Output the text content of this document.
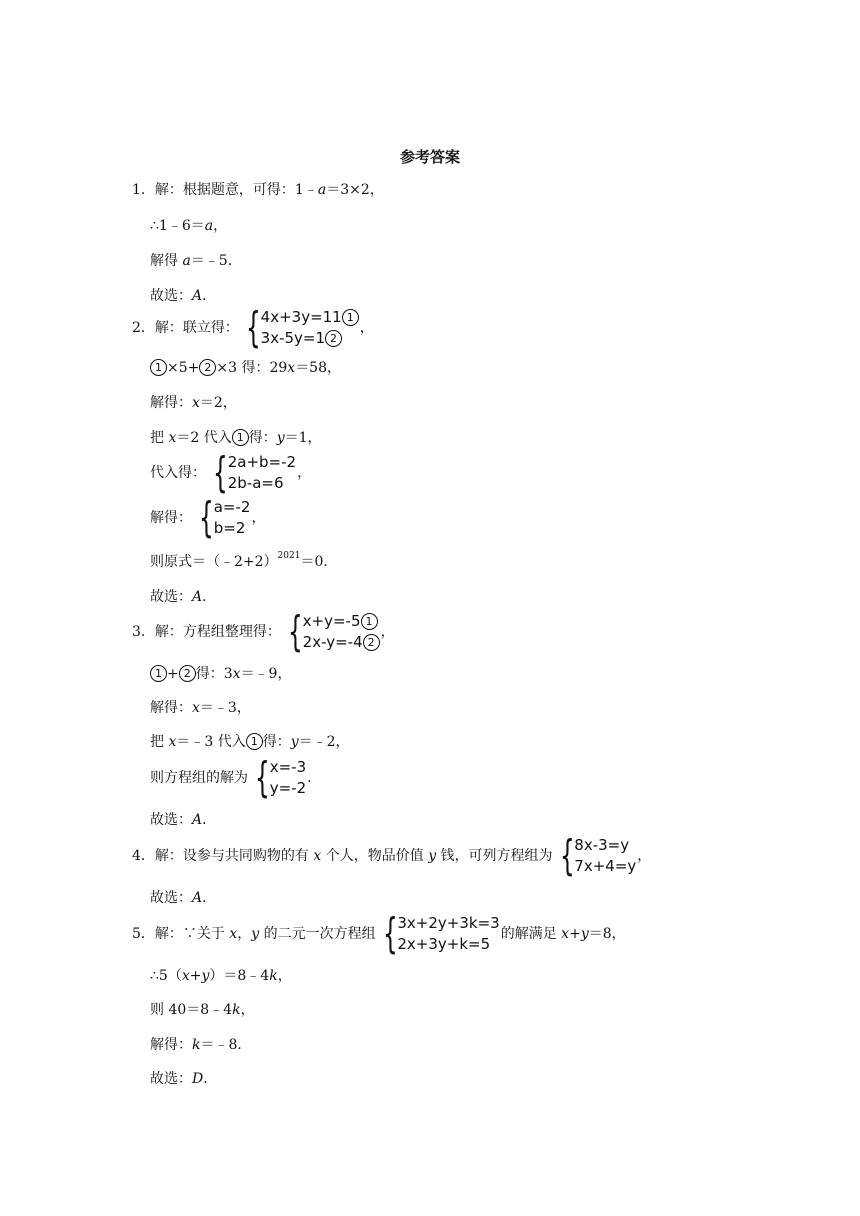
参考答案
1．解：根据题意，可得：1﹣a＝3×2，
∴1﹣6＝a，
解得 a＝﹣5．
故选：A．
2．解：联立得： { 4x+3y=11 1
3x-5y=1 2
，
1 ×5+ 2 ×3 得：29x＝58，
解得：x＝2，
把 x＝2 代入 1 得：y＝1，
代入得： { 2a+b=-2
2b-a=6
，
解得： { a=-2
b=2
，
则原式＝（﹣2+2）$^{2021}$＝0．
故选：A．
3．解：方程组整理得： { x+y=-5 1
2x-y=-4 2
，
1 + 2 得：3x＝﹣9，
解得：x＝﹣3，
把 x＝﹣3 代入 1 得：y＝﹣2，
则方程组的解为 { x=-3
y=-2
.
故选：A．
4．解：设参与共同购物的有 x 个人，物品价值 y 钱，可列方程组为 { 8x-3=y
7x+4=y
，
故选：A．
5．解：∵关于 x，y 的二元一次方程组 { 3x+2y+3k=3
2x+3y+k=5
的解满足 x+y＝8，
∴5（x+y）＝8﹣4k，
则 40＝8﹣4k，
解得：k＝﹣8．
故选：D．
